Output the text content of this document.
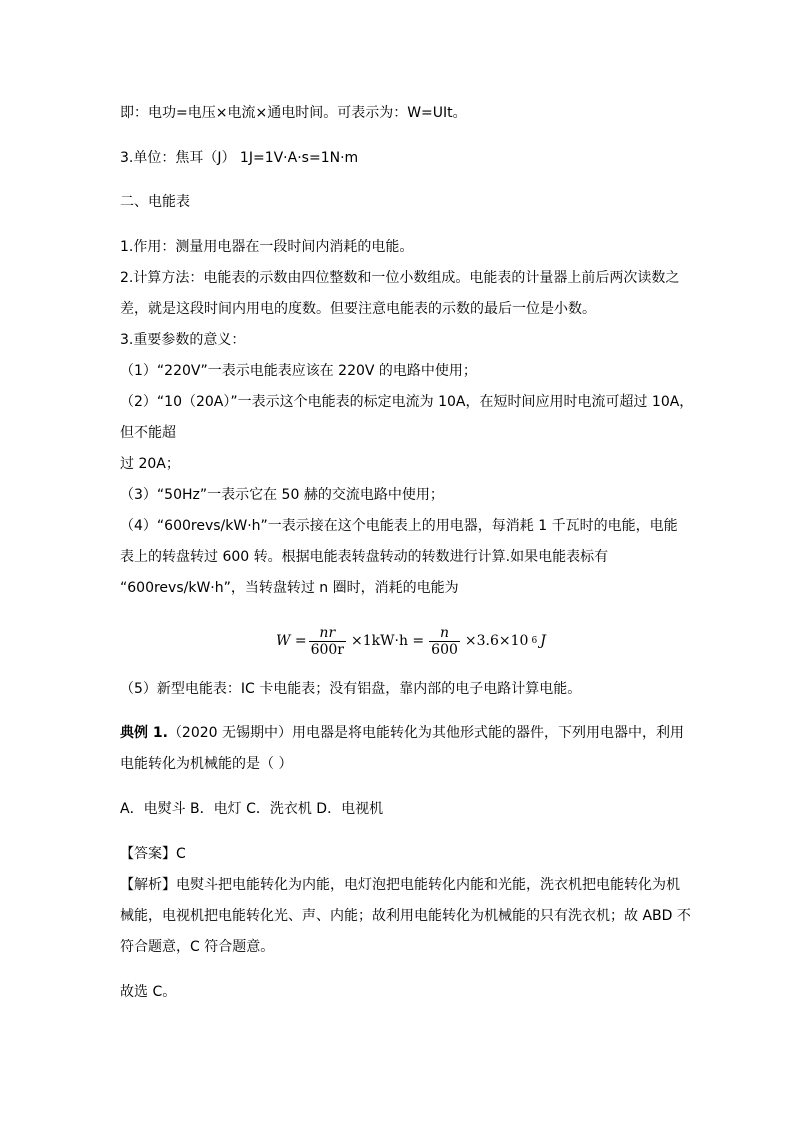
即：电功=电压×电流×通电时间。可表示为：W=UIt。
3.单位：焦耳（J） 1J=1V·A·s=1N·m
二、电能表
1.作用：测量用电器在一段时间内消耗的电能。
2.计算方法：电能表的示数由四位整数和一位小数组成。电能表的计量器上前后两次读数之
差，就是这段时间内用电的度数。但要注意电能表的示数的最后一位是小数。
3.重要参数的意义：
（1）“220V”一表示电能表应该在 220V 的电路中使用；
（2）“10（20A）”一表示这个电能表的标定电流为 10A，在短时间应用时电流可超过 10A，
但不能超
过 20A；
（3）“50Hz”一表示它在 50 赫的交流电路中使用；
（4）“600revs/kW·h”一表示接在这个电能表上的用电器，每消耗 1 千瓦时的电能，电能
表上的转盘转过 600 转。根据电能表转盘转动的转数进行计算.如果电能表标有
“600revs/kW·h”，当转盘转过 n 圈时，消耗的电能为
$W = \frac{nr}{600r} \times 1kW\cdot h = \frac{n}{600} \times 3.6\times 10$ 6 J
（5）新型电能表：IC 卡电能表；没有铝盘，靠内部的电子电路计算电能。
典例 1.（2020 无锡期中）用电器是将电能转化为其他形式能的器件，下列用电器中，利用
电能转化为机械能的是（ ）
A．电熨斗 B．电灯 C．洗衣机 D．电视机
【答案】C
【解析】电熨斗把电能转化为内能，电灯泡把电能转化内能和光能，洗衣机把电能转化为机
械能，电视机把电能转化光、声、内能；故利用电能转化为机械能的只有洗衣机；故 ABD 不
符合题意，C 符合题意。
故选 C。
